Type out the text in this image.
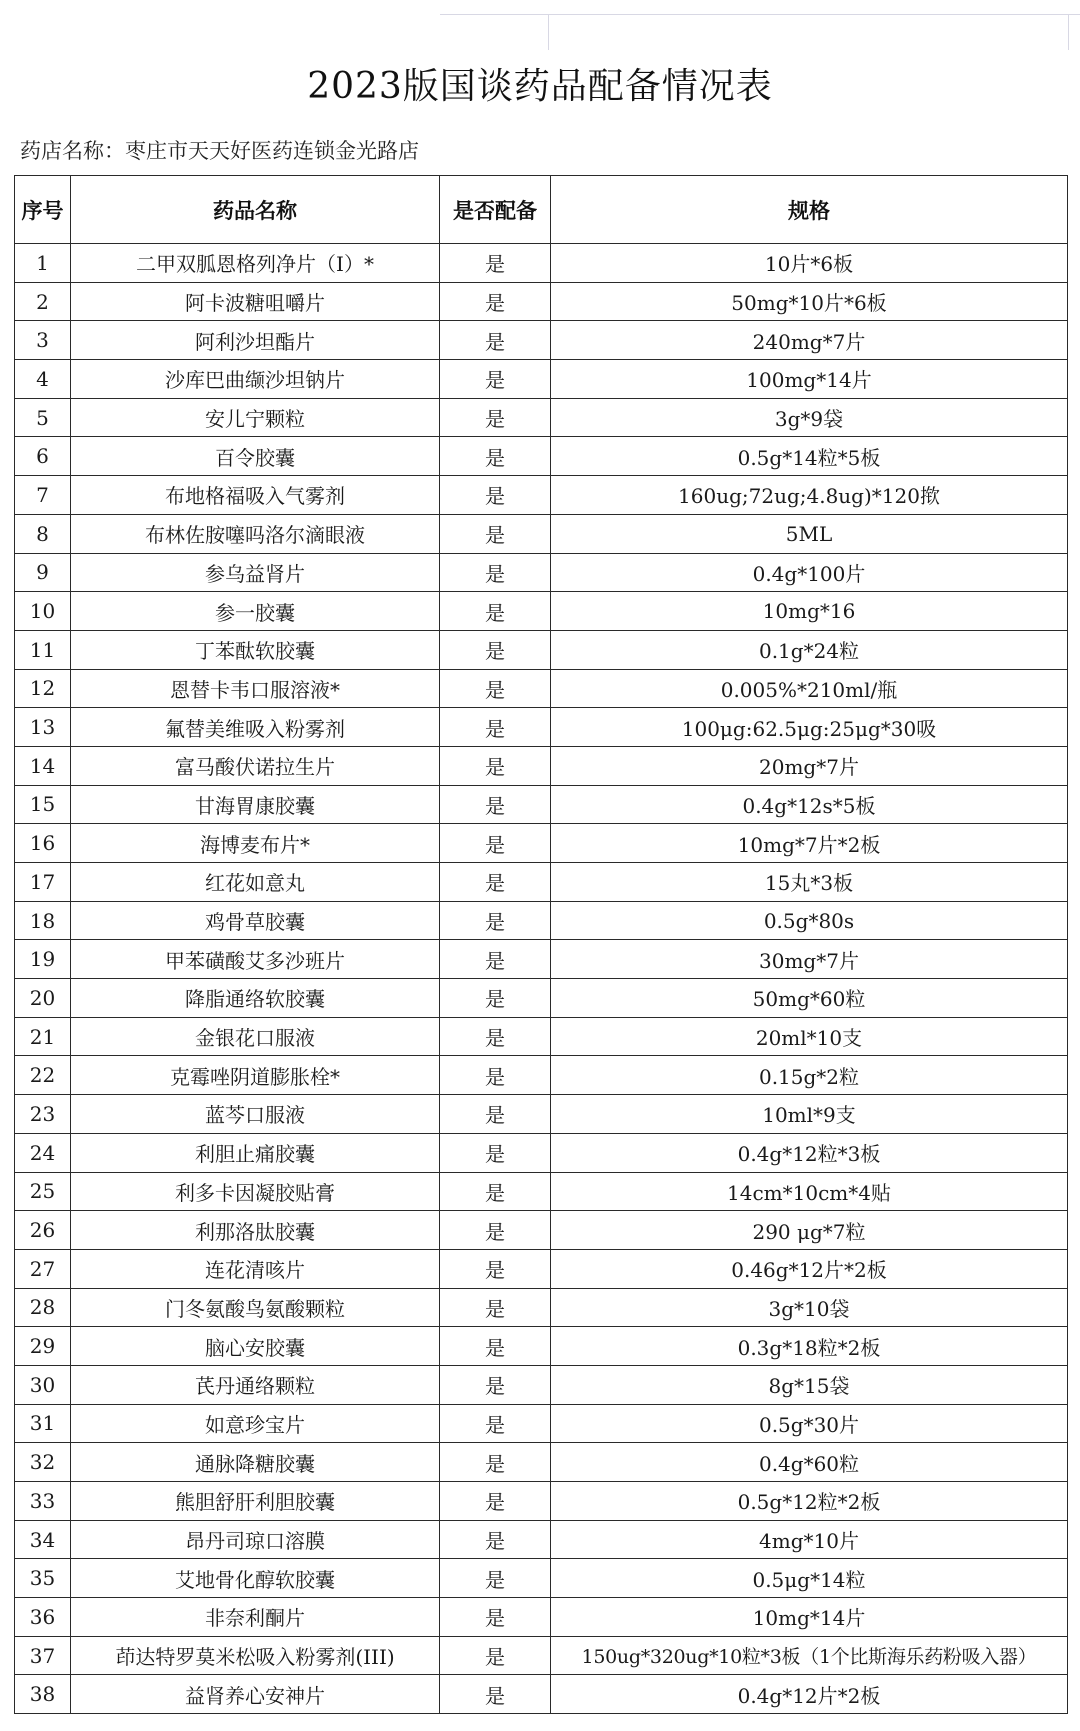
2023版国谈药品配备情况表
药店名称：枣庄市天天好医药连锁金光路店
序号	药品名称	是否配备	规格
1	二甲双胍恩格列净片（Ⅰ）*	是	10片*6板
2	阿卡波糖咀嚼片	是	50mg*10片*6板
3	阿利沙坦酯片	是	240mg*7片
4	沙库巴曲缬沙坦钠片	是	100mg*14片
5	安儿宁颗粒	是	3g*9袋
6	百令胶囊	是	0.5g*14粒*5板
7	布地格福吸入气雾剂	是	160ug;72ug;4.8ug)*120揿
8	布林佐胺噻吗洛尔滴眼液	是	5ML
9	参乌益肾片	是	0.4g*100片
10	参一胶囊	是	10mg*16
11	丁苯酞软胶囊	是	0.1g*24粒
12	恩替卡韦口服溶液*	是	0.005%*210ml/瓶
13	氟替美维吸入粉雾剂	是	100μg:62.5μg:25μg*30吸
14	富马酸伏诺拉生片	是	20mg*7片
15	甘海胃康胶囊	是	0.4g*12s*5板
16	海博麦布片*	是	10mg*7片*2板
17	红花如意丸	是	15丸*3板
18	鸡骨草胶囊	是	0.5g*80s
19	甲苯磺酸艾多沙班片	是	30mg*7片
20	降脂通络软胶囊	是	50mg*60粒
21	金银花口服液	是	20ml*10支
22	克霉唑阴道膨胀栓*	是	0.15g*2粒
23	蓝芩口服液	是	10ml*9支
24	利胆止痛胶囊	是	0.4g*12粒*3板
25	利多卡因凝胶贴膏	是	14cm*10cm*4贴
26	利那洛肽胶囊	是	290 μg*7粒
27	连花清咳片	是	0.46g*12片*2板
28	门冬氨酸鸟氨酸颗粒	是	3g*10袋
29	脑心安胶囊	是	0.3g*18粒*2板
30	芪丹通络颗粒	是	8g*15袋
31	如意珍宝片	是	0.5g*30片
32	通脉降糖胶囊	是	0.4g*60粒
33	熊胆舒肝利胆胶囊	是	0.5g*12粒*2板
34	昂丹司琼口溶膜	是	4mg*10片
35	艾地骨化醇软胶囊	是	0.5μg*14粒
36	非奈利酮片	是	10mg*14片
37	茚达特罗莫米松吸入粉雾剂(III)	是	150ug*320ug*10粒*3板（1个比斯海乐药粉吸入器）
38	益肾养心安神片	是	0.4g*12片*2板
